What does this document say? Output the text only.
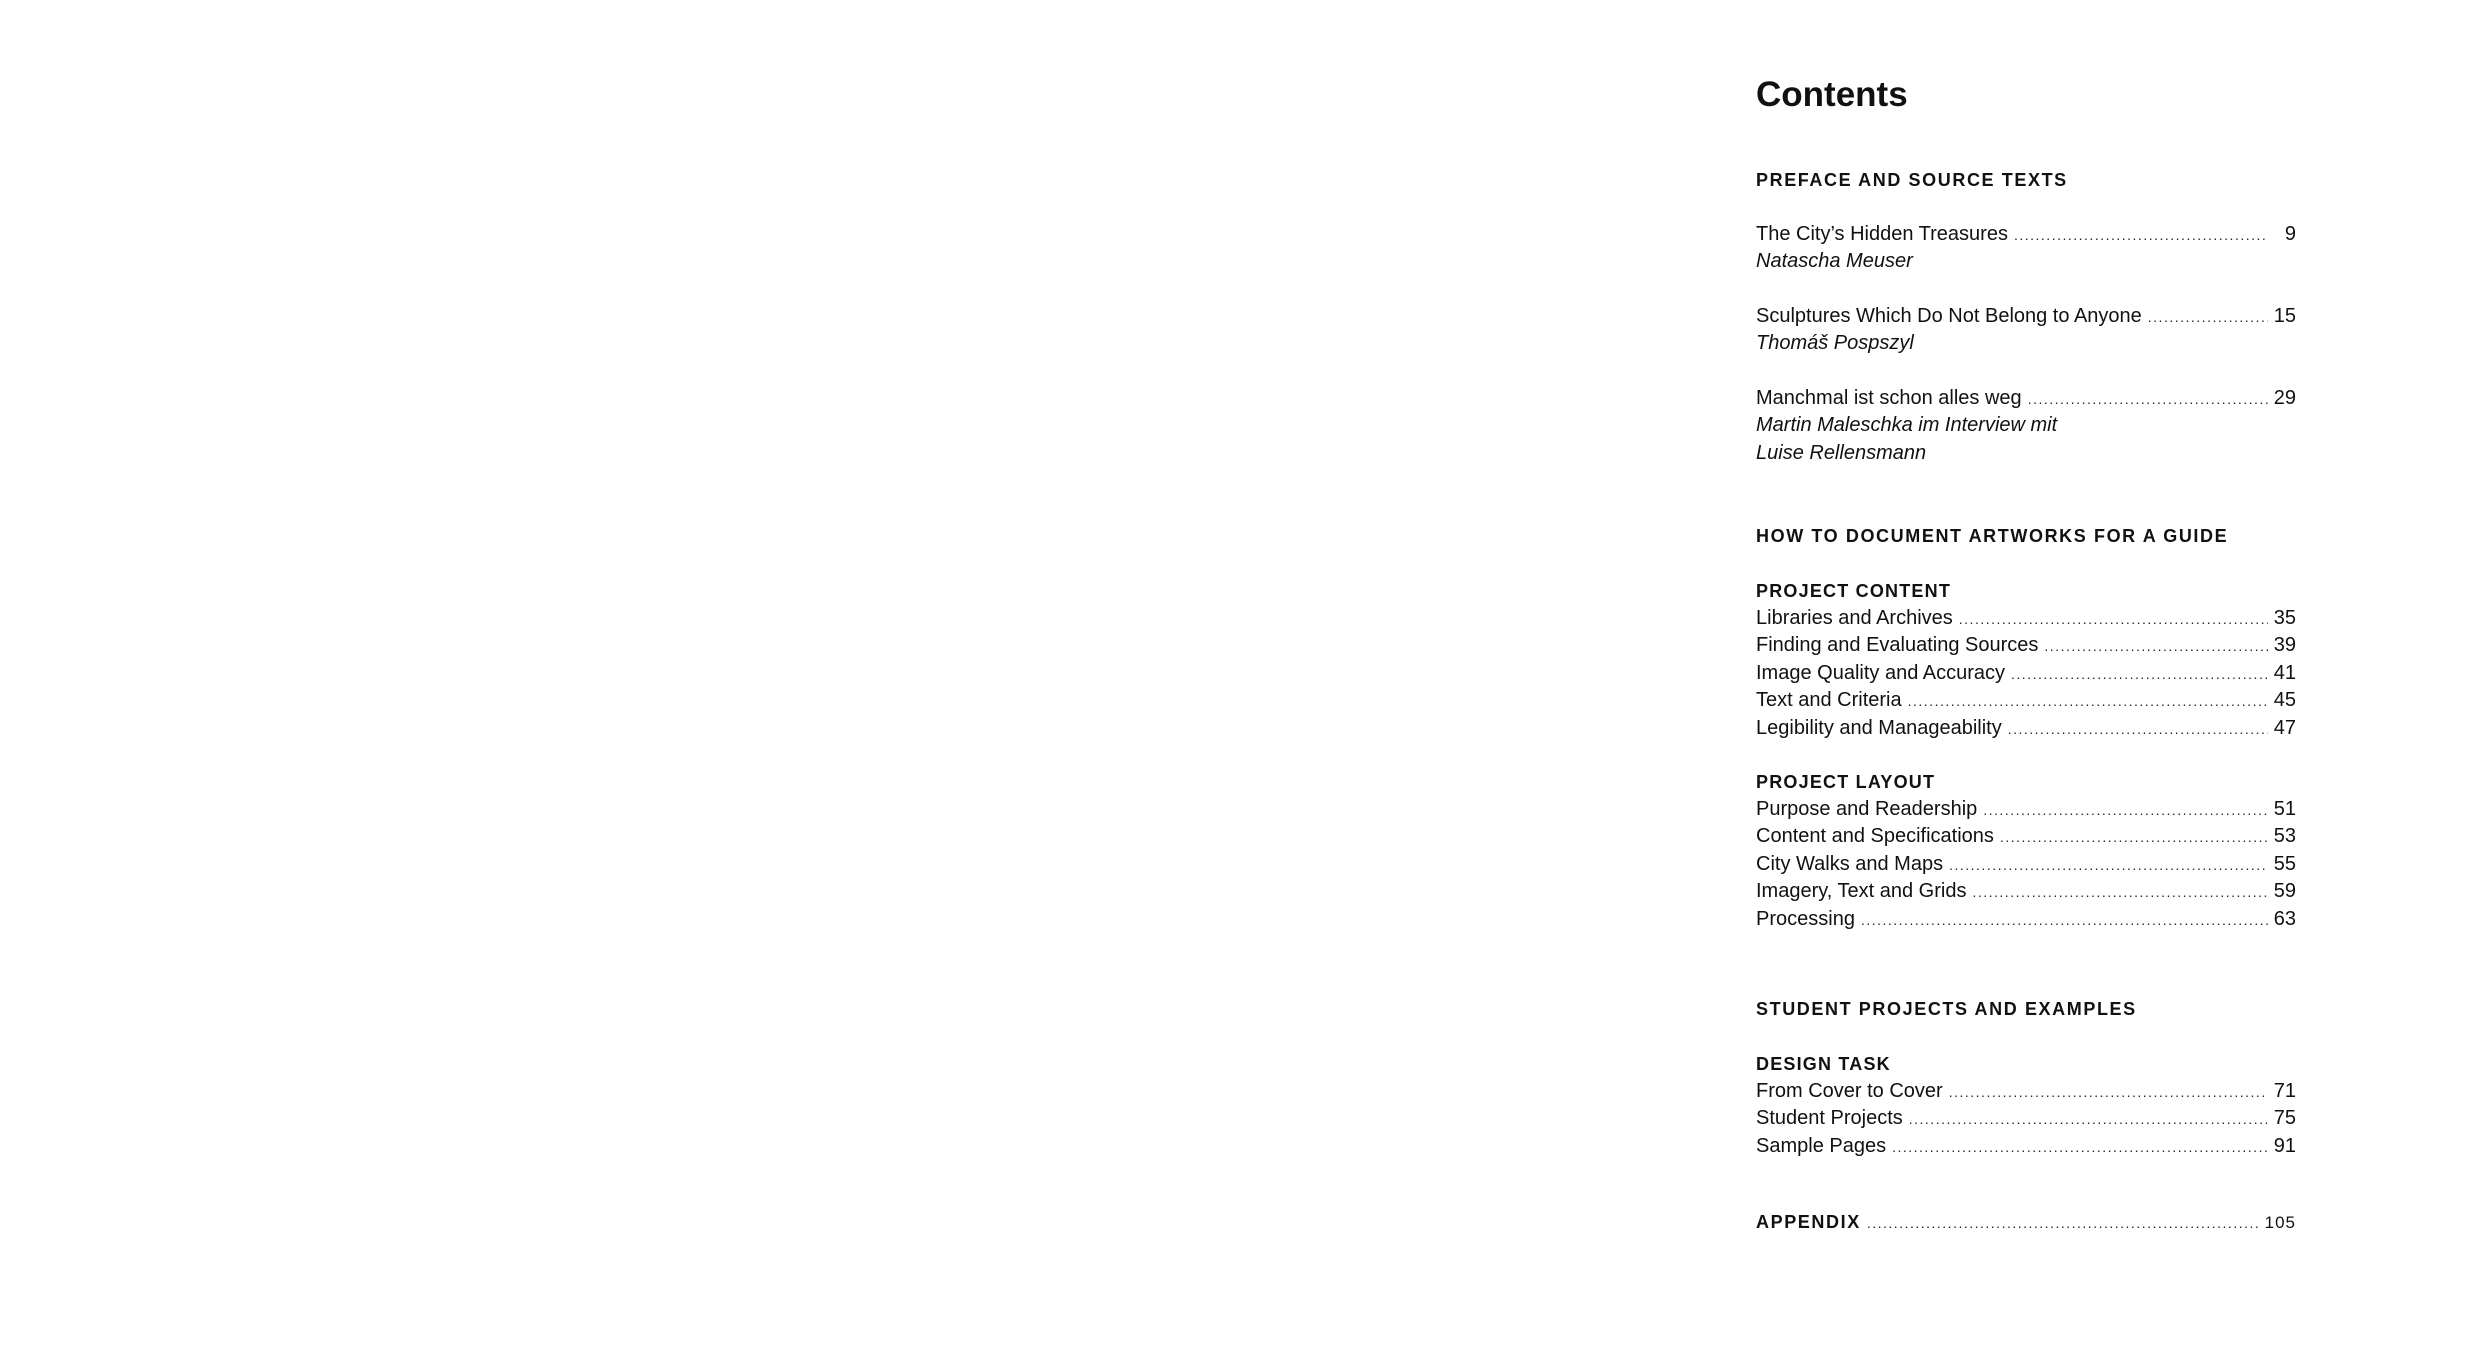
Contents
PREFACE AND SOURCE TEXTS
The City’s Hidden Treasures .....	9
Natascha Meuser
Sculptures Which Do Not Belong to Anyone .....	15
Thomáš Pospszyl
Manchmal ist schon alles weg .....	29
Martin Maleschka im Interview mit
Luise Rellensmann
HOW TO DOCUMENT ARTWORKS FOR A GUIDE
PROJECT CONTENT
Libraries and Archives .....	35
Finding and Evaluating Sources .....	39
Image Quality and Accuracy .....	41
Text and Criteria .....	45
Legibility and Manageability .....	47
PROJECT LAYOUT
Purpose and Readership .....	51
Content and Specifications .....	53
City Walks and Maps .....	55
Imagery, Text and Grids .....	59
Processing .....	63
STUDENT PROJECTS AND EXAMPLES
DESIGN TASK
From Cover to Cover .....	71
Student Projects .....	75
Sample Pages .....	91
APPENDIX .....	105
